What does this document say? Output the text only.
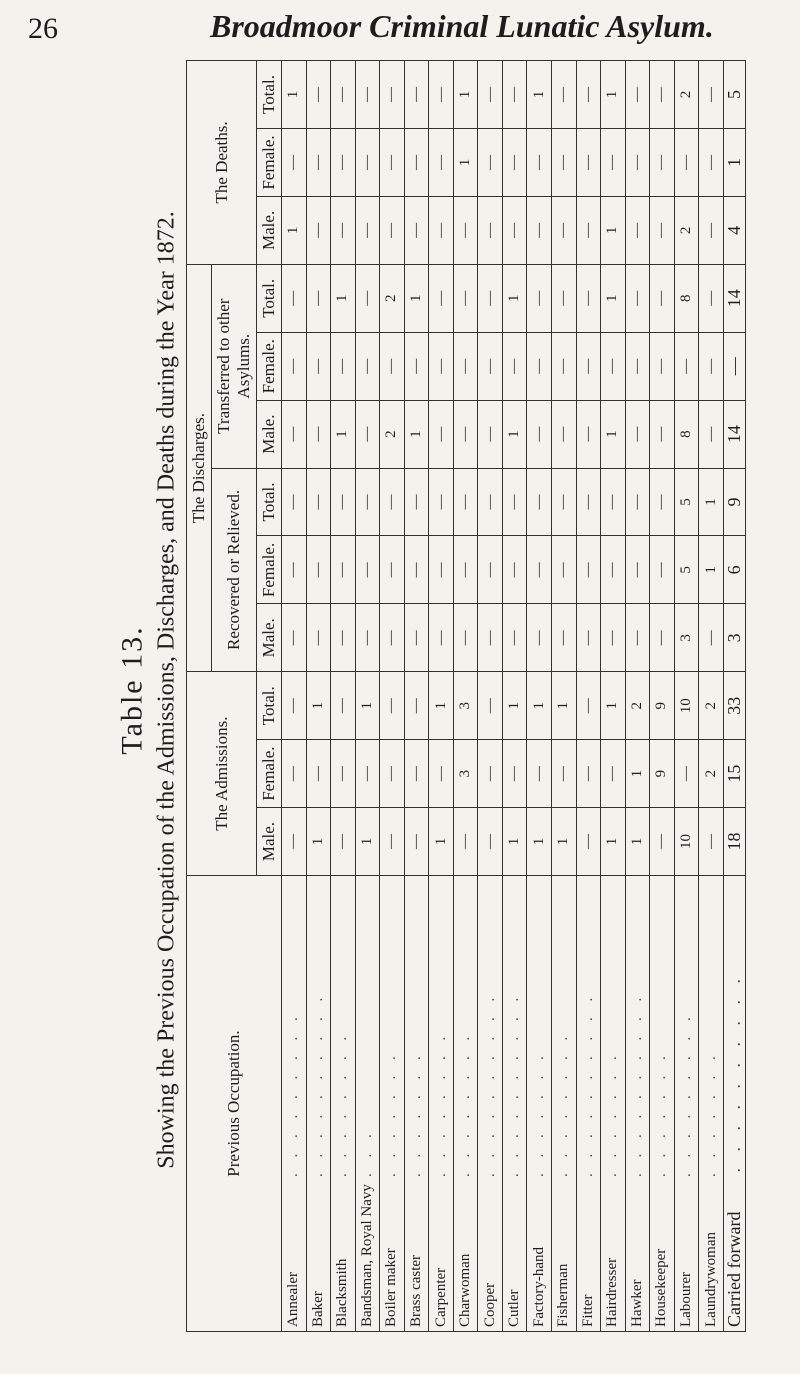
26	Broadmoor Criminal Lunatic Asylum.
Table 13. Showing the Previous Occupation of the Admissions, Discharges, and Deaths during the Year 1872.	Previous Occupation.	The Admissions.			The Discharges.						The Deaths.		
				Recovered or Relieved.			Transferred to other Asylums.					
	Male.	Female.	Total.	Male.	Female.	Total.	Male.	Female.	Total.	Male.	Female.	Total.
Annealer. . . . . . . . .	—	—	—	—	—	—	—	—	—	1	—	1
Baker. . . . . . . . . .	1	—	1	—	—	—	—	—	—	—	—	—
Blacksmith. . . . . . . .	—	—	—	—	—	—	1	—	1	—	—	—
Bandsman, Royal Navy. . .	1	—	1	—	—	—	—	—	—	—	—	—
Boiler maker. . . . . . .	—	—	—	—	—	—	2	—	2	—	—	—
Brass caster. . . . . . .	—	—	—	—	—	—	1	—	1	—	—	—
Carpenter. . . . . . . .	1	—	1	—	—	—	—	—	—	—	—	—
Charwoman. . . . . . . .	—	3	3	—	—	—	—	—	—	—	1	1
Cooper. . . . . . . . . .	—	—	—	—	—	—	—	—	—	—	—	—
Cutler. . . . . . . . . .	1	—	1	—	—	—	1	—	1	—	—	—
Factory-hand. . . . . . .	1	—	1	—	—	—	—	—	—	—	—	1
Fisherman. . . . . . . .	1	—	1	—	—	—	—	—	—	—	—	—
Fitter. . . . . . . . . .	—	—	—	—	—	—	—	—	—	—	—	—
Hairdresser. . . . . . .	1	—	1	—	—	—	1	—	1	1	—	1
Hawker. . . . . . . . . .	1	1	2	—	—	—	—	—	—	—	—	—
Housekeeper. . . . . . .	—	9	9	—	—	—	—	—	—	—	—	—
Labourer. . . . . . . . .	10	—	10	3	5	5	8	—	8	2	—	2
Laundrywoman. . . . . . .	—	2	2	—	1	1	—	—	—	—	—	—
Carried forward . . . . . . . . . .	18	15	33	3	6	9	14	—	14	4	1	5
